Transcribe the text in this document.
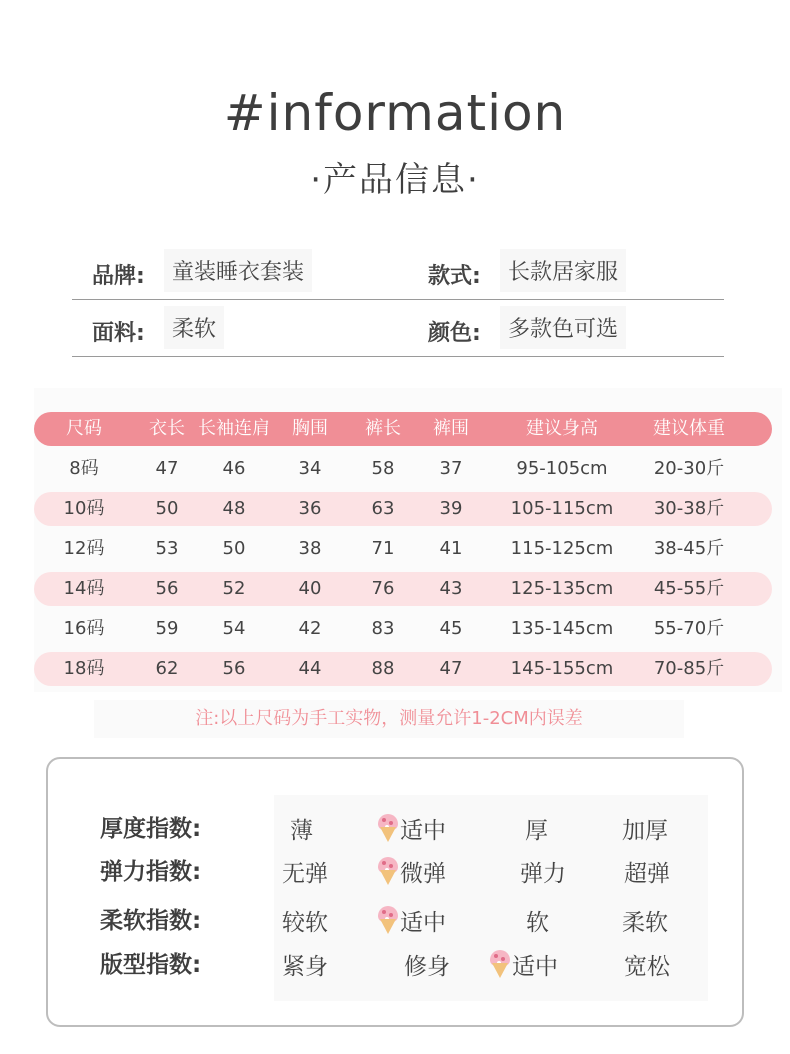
#information
·产品信息·
品牌:	童装睡衣套装	款式:	长款居家服
面料:	柔软	颜色:	多款色可选
尺码	衣长 长袖连肩 胸围 裤长 裤围	建议身高	建议体重
8码	47 46	34	58	37	95-105cm	20-30斤
10码	50 48	36	63	39	105-115cm 30-38斤
12码	53 50	38	71	41	115-125cm 38-45斤
14码	56 52	40	76	43	125-135cm 45-55斤
16码	59 54	42	83	45	135-145cm 55-70斤
18码	62 56	44	88	47	145-155cm 70-85斤
注:以上尺码为手工实物，测量允许1-2CM内误差
厚度指数:	薄	适中	厚	加厚
弹力指数:	无弹	微弹	弹力	超弹
柔软指数:	较软	适中	软	柔软
版型指数:	紧身	修身	适中	宽松
